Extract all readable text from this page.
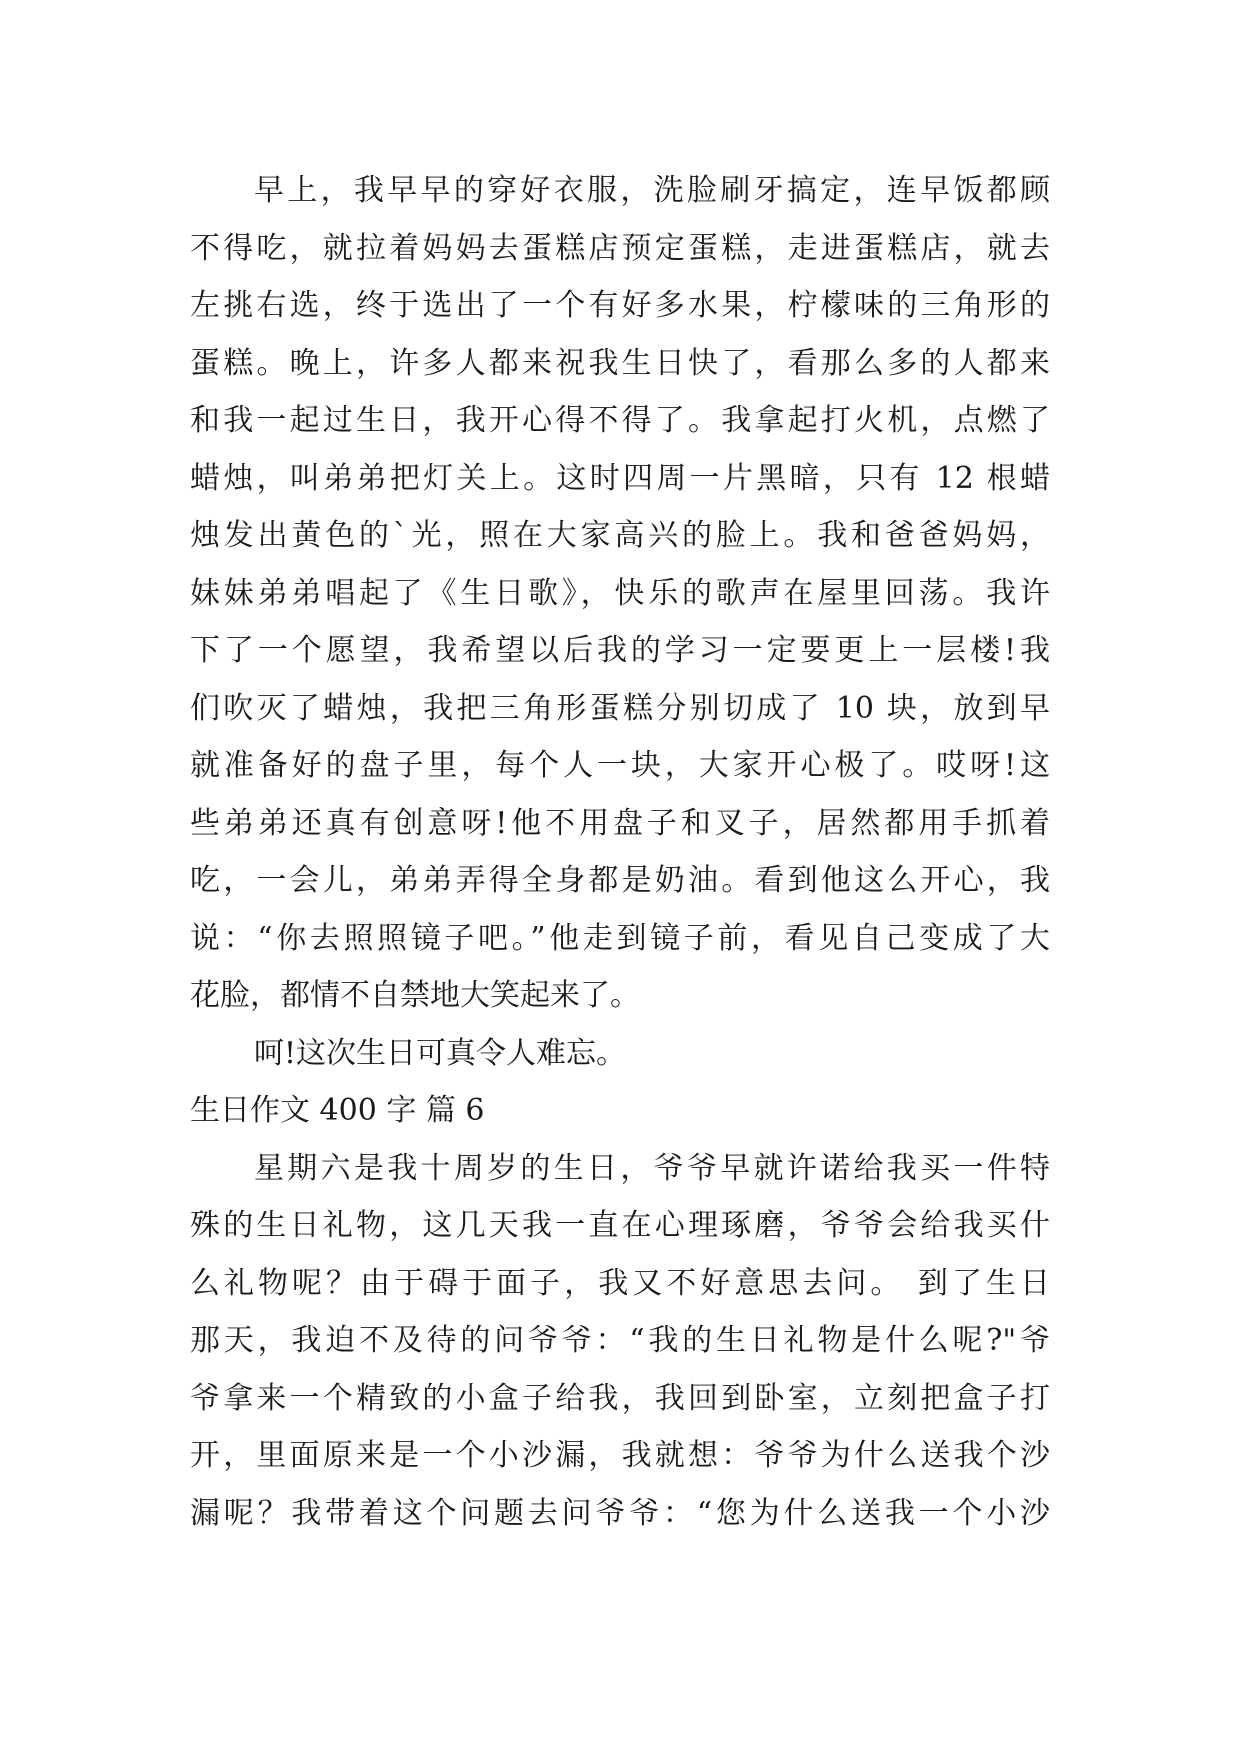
早上，我早早的穿好衣服，洗脸刷牙搞定，连早饭都顾
不得吃，就拉着妈妈去蛋糕店预定蛋糕，走进蛋糕店，就去
左挑右选，终于选出了一个有好多水果，柠檬味的三角形的
蛋糕。晚上，许多人都来祝我生日快了，看那么多的人都来
和我一起过生日，我开心得不得了。我拿起打火机，点燃了
蜡烛，叫弟弟把灯关上。这时四周一片黑暗，只有 12 根蜡
烛发出黄色的`光，照在大家高兴的脸上。我和爸爸妈妈，
妹妹弟弟唱起了《生日歌》，快乐的歌声在屋里回荡。我许
下了一个愿望，我希望以后我的学习一定要更上一层楼!我
们吹灭了蜡烛，我把三角形蛋糕分别切成了 10 块，放到早
就准备好的盘子里，每个人一块，大家开心极了。哎呀!这
些弟弟还真有创意呀!他不用盘子和叉子，居然都用手抓着
吃，一会儿，弟弟弄得全身都是奶油。看到他这么开心，我
说：“你去照照镜子吧。”他走到镜子前，看见自己变成了大
花脸，都情不自禁地大笑起来了。
呵!这次生日可真令人难忘。
生日作文 400 字 篇 6
星期六是我十周岁的生日，爷爷早就许诺给我买一件特
殊的生日礼物，这几天我一直在心理琢磨，爷爷会给我买什
么礼物呢？由于碍于面子，我又不好意思去问。 到了生日
那天，我迫不及待的问爷爷：“我的生日礼物是什么呢?"爷
爷拿来一个精致的小盒子给我，我回到卧室，立刻把盒子打
开，里面原来是一个小沙漏，我就想：爷爷为什么送我个沙
漏呢？我带着这个问题去问爷爷：“您为什么送我一个小沙
